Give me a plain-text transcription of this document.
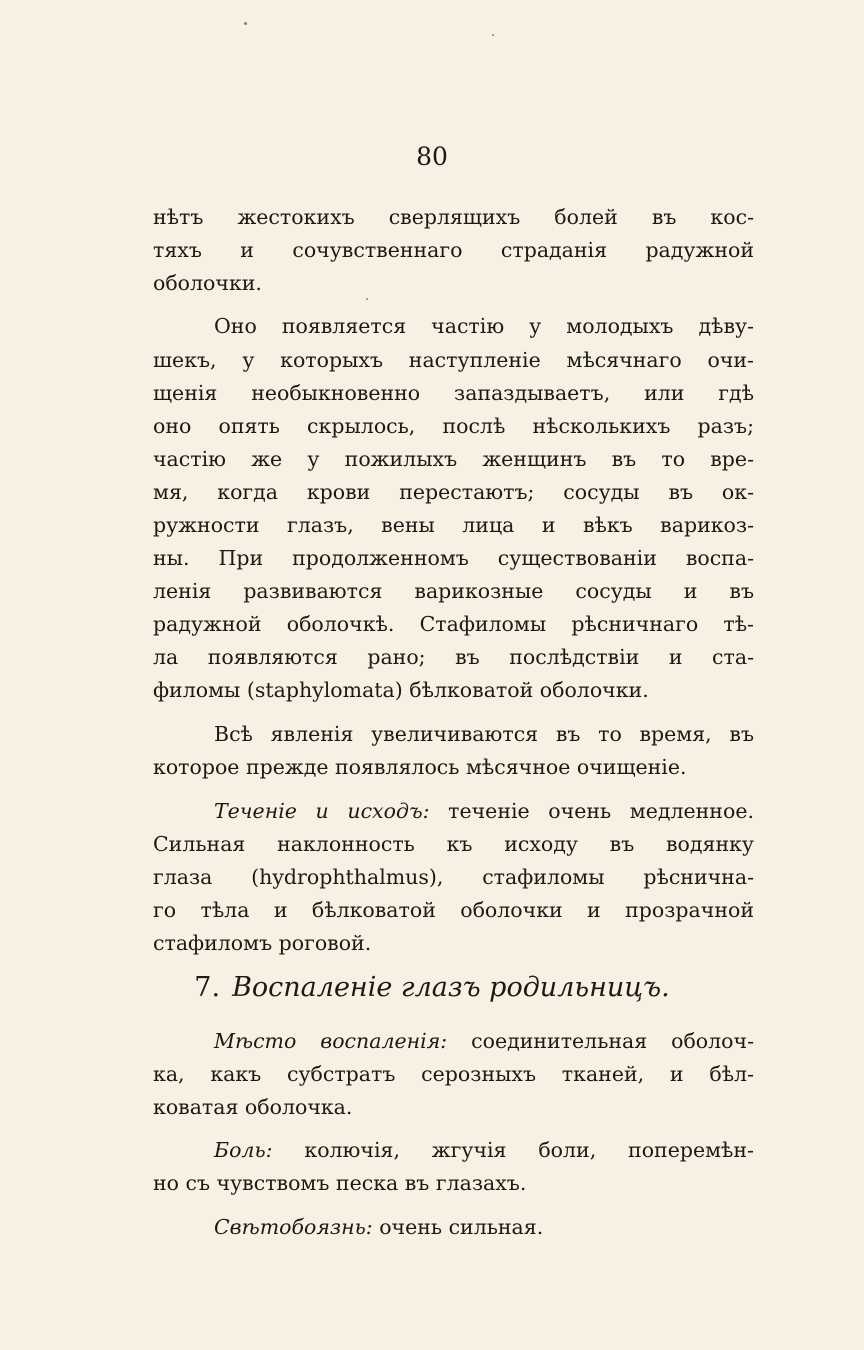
80
нѣтъ жестокихъ сверлящихъ болей въ кос-
тяхъ и сочувственнаго страданія радужной
оболочки.
Оно появляется частію у молодыхъ дѣву-
шекъ, у которыхъ наступленіе мѣсячнаго очи-
щенія необыкновенно запаздываетъ, или гдѣ
оно опять скрылось, послѣ нѣсколькихъ разъ;
частію же у пожилыхъ женщинъ въ то вре-
мя, когда крови перестаютъ; сосуды въ ок-
ружности глазъ, вены лица и вѣкъ варикоз-
ны. При продолженномъ существованіи воспа-
ленія развиваются варикозные сосуды и въ
радужной оболочкѣ. Стафиломы рѣсничнаго тѣ-
ла появляются рано; въ послѣдствіи и ста-
филомы (staphylomata) бѣлковатой оболочки.
Всѣ явленія увеличиваются въ то время, въ
которое прежде появлялось мѣсячное очищеніе.
Теченіе и исходъ: теченіе очень медленное.
Сильная наклонность къ исходу въ водянку
глаза (hydrophthalmus), стафиломы рѣснична-
го тѣла и бѣлковатой оболочки и прозрачной
стафиломъ роговой.
7. Воспаленіе глазъ родильницъ.
Мѣсто воспаленія: соединительная оболоч-
ка, какъ субстратъ серозныхъ тканей, и бѣл-
коватая оболочка.
Боль: колючія, жгучія боли, поперемѣн-
но съ чувствомъ песка въ глазахъ.
Свѣтобоязнь: очень сильная.
